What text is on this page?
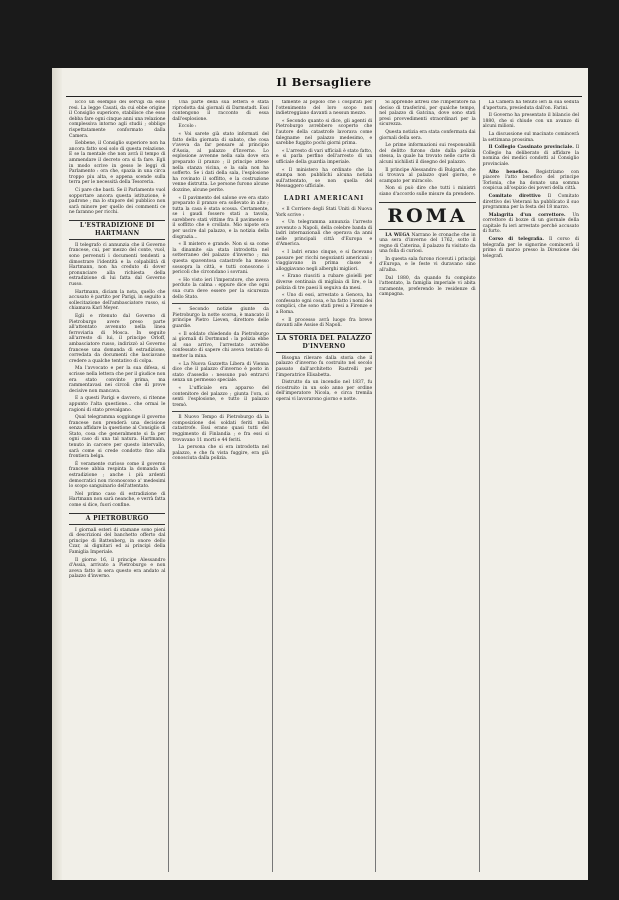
Il Bersagliere

Ecco un esempio dei servigi da esso resi. La legge Casati, da cui ebbe origine il Consiglio superiore, stabilisce che esso debba fare ogni cinque anni una relazione complessiva intorno agli studii ; obbligo rispettatamente conformato dalla Camera.

Eebbene, il Consiglio superiore non ha ancora fatto sosi solo di questa relazione. E se la mentale che non avrà il tempo di ammendare il decreto ora si fa fare. Egli in modo scrive in gesso le leggi di Parlamento : ora che, spazia in una circa troppo piu alta, e appena scende sulla terra per le necessità della Tesoreria.

Ci pare che basti. Se il Parlamento vuol sopportare ancora questa istituzione, è padrone ; ma lo stupore del pubblico non sarà minore per quello dei commenti ce ne faranno per ricchi.

L'ESTRADIZIONE DI HARTMANN

Il telegrafo ci annunzia che il Governo francese, cui, per mezzo del conte, vuol, sono pervenuti i documenti tendenti a dimostrare l'identità e la colpabilità di Hartmann, non ha creduto di dover pronunciare alla richiesta della estradizione di lui fatta dal Governo russo.

Hartmann, diciam la nota, quello che accusato è partito per Parigi, in seguito a sollecitazione dell'ambasciatore russo, si chiamava Karl Meyer.

Egli e ritenuto dal Governo di Pietroburgo avere preso parte all'attentato avvenuto nella linea ferroviaria di Mosca. In seguito all'arresto di lui, il principe Orloff, ambasciatore russo, indirizzò al Governo francese una domanda di estradizione, corredata da documenti che lasciavano credere a qualche tentativo di colpa.

Ma l'avvocato e per la sua difesa, si scrisse nella lettera che per il giudice non era stato convinto prima, ma rammentavasi nei circoli che di prove decisive non mancava.

E a questi Parigi e davvero, si ritenne appunto l'alta questione... che ormai le ragioni di stato prevalgano.

Qual telegramma soggiunge il governo francese non prenderà una decisione senza affidare la questione al Consiglio di Stato, cosa che generalmente si fa per ogni caso di una tal natura. Hartmann, tenuto in carcere per questo intervallo, sarà come si crede condotto fino alla frontiera belga.

È veramente curioso come il governo francese abbia respinta la domanda di estradizione ; anche i più ardenti democratici non riconoscono a' medesimi lo scopo sanguinario dell'attentato.

Nel primo caso di estradizione di Hartmann non sarà neanche, e verrà fatta come si dice, fuori confine.

A PIETROBURGO

I giornali esteri di stamane sono pieni di descrizioni del banchetto offerto dal principe di Battenberg, in onore dello Czar, ai dignitari ed ai principi della Famiglia Imperiale.

Il giorno 16, il principe Alessandro d'Assia, arrivato a Pietroburgo e non aveva fatto in sera questo era andato al palazzo d'inverno.

Una parte della sua lettera è stata riprodotta dai giornali di Darmstadt. Essi contengono il racconto di essa dall'esplosione.

Eccolo :

« Voi sarete già stato informati del fatto della giornata di sabato, che cosa v'aveva da far pensare al principio d'Assia, al palazzo d'Inverno. Lo esplosione avvenne nella sala dove era preparato il pranzo ; il principe attese nella stanza vicina, e la sala non ha sofferto. Se i dati della sala, l'esplosione ha rovinato il soffitto, e la costruzione venne distrutta. Le persone furono alcune dozzine, alcune perite.

« Il pavimento del salone ove era stato preparato il pranzo era sollevato in alto ; tutta la casa è stata scossa. Certamente, se i gaudi fossero stati a tavola, sarebbero stati vittime fra il pavimento e il soffitto che è crollato. Mio nipote era per uscire dal palazzo, e la notizia della disgrazia...

« Il mistero e grande. Non si sa come la dinamite sia stata introdotta nel sotterraneo del palazzo d'inverno ; ma questa spaventosa catastrofe ha messo sossopra la città, e tutti conoscono i pericoli che circondano i sovrani.

« Ho visto ieri l'imperatore, che aveva perduto la calma : eppure dice che ogni sua cura deve essere per la sicurezza dello Stato.

« Secondo notizie giunte da Pietroburgo la notte scorsa, è mancato il principe Pietro Lieven, direttore delle guardie.

« Il soldato chiedendo da Pietroburgo ai giornali di Dortmund : la polizia ebbe al suo arrivo, l'arrestato avrebbe confessato di sapere chi aveva tentato di metter la mina.

« La Nuova Gazzetta Libera di Vienna dice che il palazzo d'inverno è posto in stato d'assedio : nessuno può entrarvi senza un permesso speciale.

« L'ufficiale era apparso del contenitore del palazzo ; giunta l'ora, si senti l'esplosione, e tutto il palazzo tremò.

Il Nuovo Tempo di Pietroburgo dà la composizione dei soldati feriti nella catastrofe. Essi erano quasi tutti del reggimento di Finlandia ; e fra essi si trovavano 11 morti e 44 feriti.

La persona che si era introdotta nel palazzo, e che fu vista fuggire, era già conosciuta dalla polizia.

tamente al popolo che i cospirati per l'ottenimento del loro scopo non indietreggiano davanti a nessun mezzo.

« Secondo quanto si dice, gli agenti di Pietroburgo avrebbero scoperto che l'autore della catastrofe lavorava come falegname nel palazzo medesimo, e sarebbe fuggito pochi giorni prima.

« L'arresto di vari ufficiali è stato fatto, e si parla perfino dell'arresto di un ufficiale della guardia imperiale.

« Il ministero ha ordinato che la stampa non pubblichi alcuna notizia sull'attentato, se non quella del Messaggero ufficiale.

LADRI AMERICANI

« Il Corriere degli Stati Uniti di Nuova York scrive :

« Un telegramma annunzia l'arresto avvenuto a Napoli, della celebre banda di ladri internazionali che operava da anni nelle principali città d'Europa e d'America.

« I ladri erano cinque, e si facevano passare per ricchi negozianti americani ; viaggiavano in prima classe e alloggiavano negli alberghi migliori.

« Erano riusciti a rubare gioielli per diverse centinaia di migliaia di lire, e la polizia di tre paesi li seguiva da mesi.

« Uno di essi, arrestato a Genova, ha confessato ogni cosa, e ha fatto i nomi dei complici, che sono stati presi a Firenze e a Roma.

« Il processo avrà luogo fra breve davanti alle Assise di Napoli.

LA STORIA DEL PALAZZO D'INVERNO

Bisogna rilevare dalla storia che il palazzo d'inverno fu costruito nel secolo passato dall'architetto Rastrelli per l'imperatrice Elisabetta.

Distrutto da un incendio nel 1837, fu ricostruito in un solo anno per ordine dell'imperatore Nicola, e circa tremila operai vi lavorarono giorno e notte.

Si apprende altresì che l'imperatore ha deciso di trasferirsi, per qualche tempo, nel palazzo di Gatcina, dove sono stati presi provvedimenti straordinari per la sicurezza.

Questa notizia era stata confermata dai giornali della sera.

Le prime informazioni sui responsabili del delitto furono date dalla polizia stessa, la quale ha trovato nelle carte di alcuni nichilisti il disegno del palazzo.

Il principe Alessandro di Bulgaria, che si trovava al palazzo quel giorno, e scampato per miracolo.

Non si può dire che tutti i ministri siano d'accordo sulle misure da prendere.

ROMA

LA WEGA Narrano le cronache che in una sera d'inverno del 1762, sotto il regno di Caterina, il palazzo fu visitato da una folla di curiosi.

In questa sala furono ricevuti i principi d'Europa, e le feste vi duravano sino all'alba.

Dal 1880, da quando fu compiuto l'attentato, la famiglia imperiale vi abita raramente, preferendo le residenze di campagna.

La Camera ha tenuto ieri la sua seduta d'apertura, presieduta dall'on. Farini.

Il Governo ha presentato il bilancio del 1880, che si chiude con un avanzo di alcuni milioni.

La discussione sul macinato comincerà la settimana prossima.

Il Collegio Cassinato provinciale. Il Collegio ha deliberato di affidare la nomina dei medici condotti al Consiglio provinciale.

Alto benefico. Registriamo con piacere l'atto benefico del principe Torlonia, che ha donato una somma cospicua all'ospizio dei poveri della città.

Comitato direttivo Il Comitato direttivo dei Veterani ha pubblicato il suo programma per la festa del 18 marzo.

Malagrita d'un correttore. Un correttore di bozze di un giornale della capitale fu ieri arrestato perché accusato di furto.

Corso di telegrafia. Il corso di telegrafia per le signorine comincerà il primo di marzo presso la Direzione dei telegrafi.
